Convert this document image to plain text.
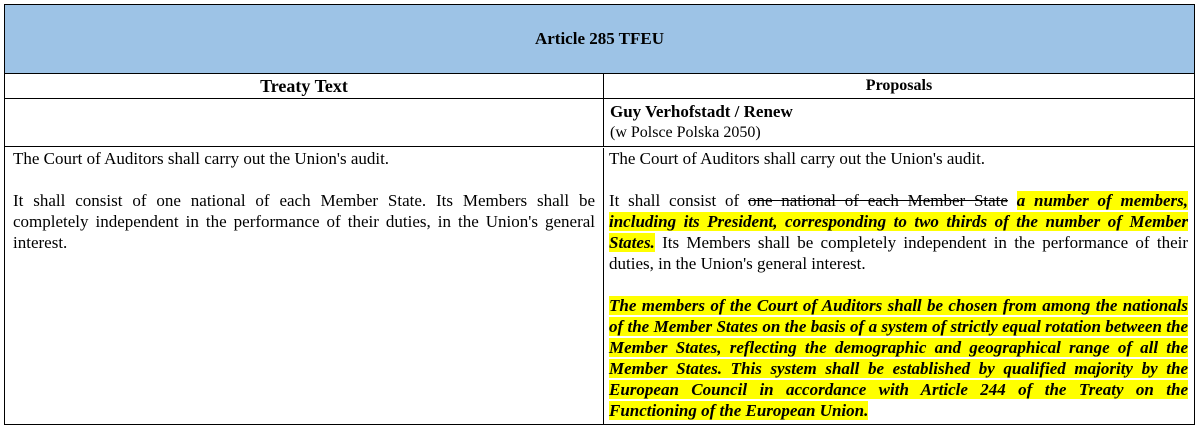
Article 285 TFEU
Treaty Text	Proposals
Guy Verhofstadt / Renew
(w Polsce Polska 2050)

The Court of Auditors shall carry out the Union's audit.

It shall consist of one national of each Member State. Its Members shall be completely independent in the performance of their duties, in the Union's general interest.

The Court of Auditors shall carry out the Union's audit.

It shall consist of one national of each Member State a number of members, including its President, corresponding to two thirds of the number of Member States. Its Members shall be completely independent in the performance of their duties, in the Union's general interest.

The members of the Court of Auditors shall be chosen from among the nationals of the Member States on the basis of a system of strictly equal rotation between the Member States, reflecting the demographic and geographical range of all the Member States. This system shall be established by qualified majority by the European Council in accordance with Article 244 of the Treaty on the Functioning of the European Union.
